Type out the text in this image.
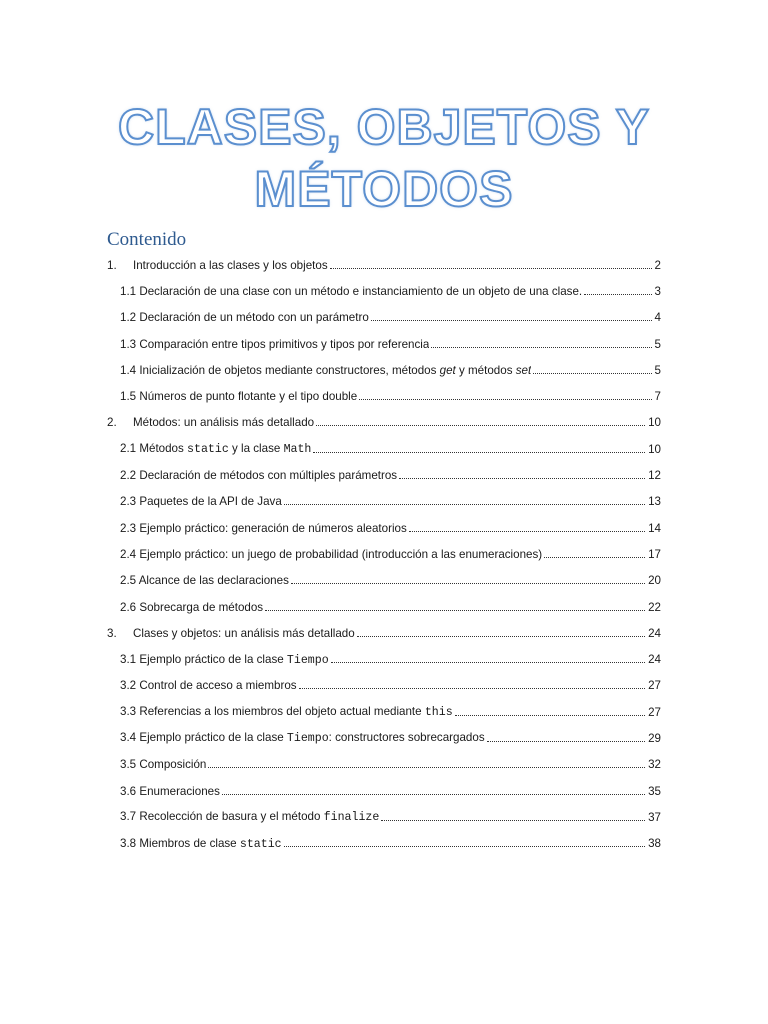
CLASES, OBJETOS Y
MÉTODOS
Contenido
1.	Introducción a las clases y los objetos	2
1.1 Declaración de una clase con un método e instanciamiento de un objeto de una clase.	3
1.2 Declaración de un método con un parámetro	4
1.3 Comparación entre tipos primitivos y tipos por referencia	5
1.4 Inicialización de objetos mediante constructores, métodos get y métodos set	5
1.5 Números de punto flotante y el tipo double	7
2.	Métodos: un análisis más detallado	10
2.1 Métodos static y la clase Math	10
2.2 Declaración de métodos con múltiples parámetros	12
2.3 Paquetes de la API de Java	13
2.3 Ejemplo práctico: generación de números aleatorios	14
2.4 Ejemplo práctico: un juego de probabilidad (introducción a las enumeraciones)	17
2.5 Alcance de las declaraciones	20
2.6 Sobrecarga de métodos	22
3.	Clases y objetos: un análisis más detallado	24
3.1 Ejemplo práctico de la clase Tiempo	24
3.2 Control de acceso a miembros	27
3.3 Referencias a los miembros del objeto actual mediante this	27
3.4 Ejemplo práctico de la clase Tiempo: constructores sobrecargados	29
3.5 Composición	32
3.6 Enumeraciones	35
3.7 Recolección de basura y el método finalize	37
3.8 Miembros de clase static	38
